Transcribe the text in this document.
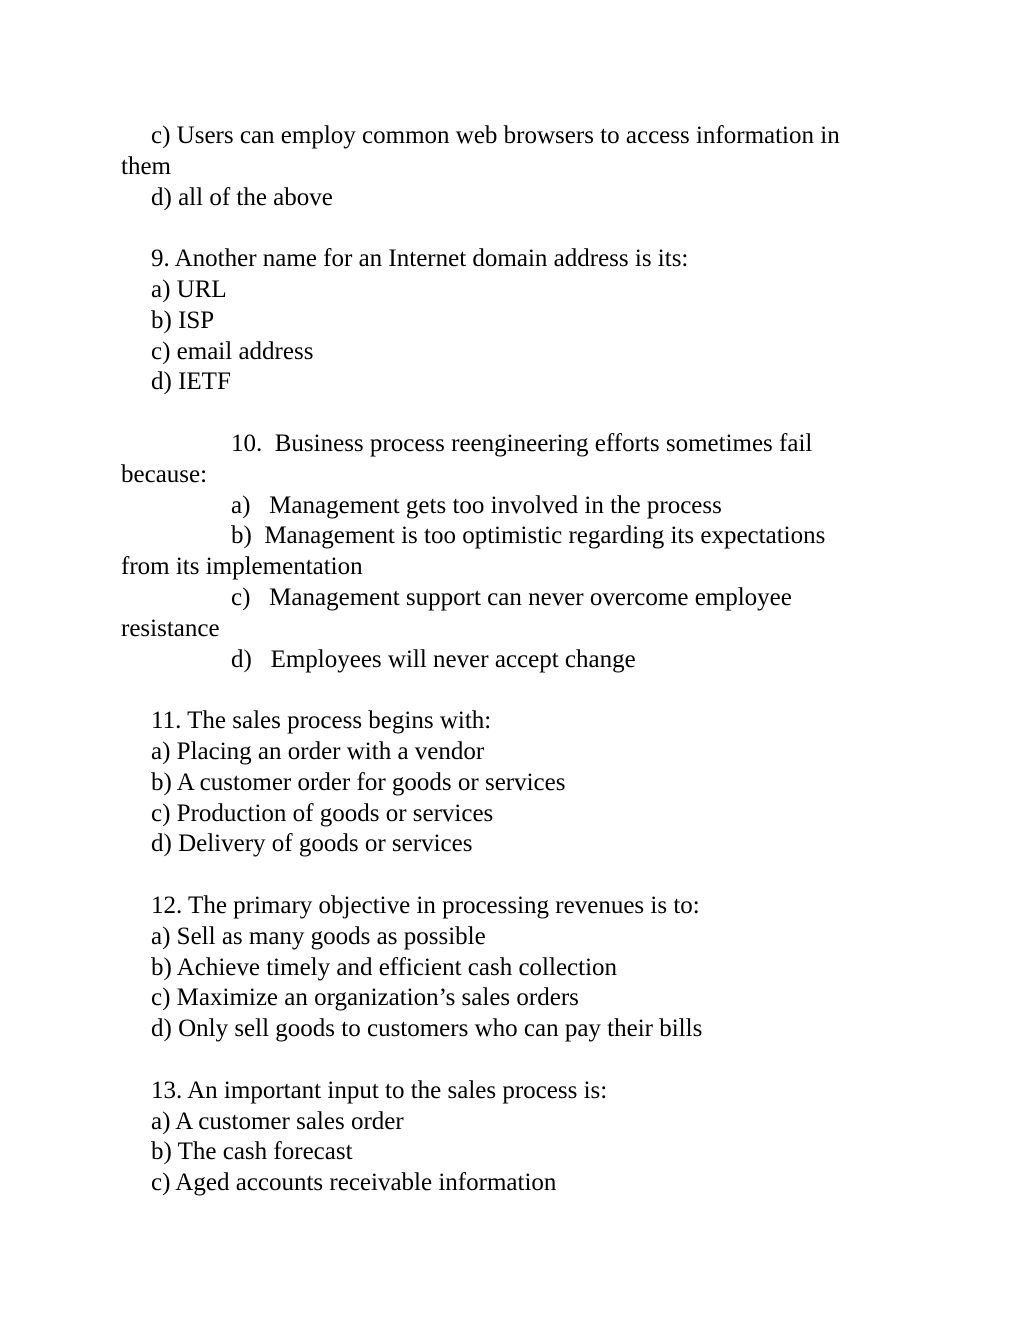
c) Users can employ common web browsers to access information in
them
d) all of the above
9. Another name for an Internet domain address is its:
a) URL
b) ISP
c) email address
d) IETF
10.  Business process reengineering efforts sometimes fail
because:
a)   Management gets too involved in the process
b)  Management is too optimistic regarding its expectations
from its implementation
c)   Management support can never overcome employee
resistance
d)   Employees will never accept change
11. The sales process begins with:
a) Placing an order with a vendor
b) A customer order for goods or services
c) Production of goods or services
d) Delivery of goods or services
12. The primary objective in processing revenues is to:
a) Sell as many goods as possible
b) Achieve timely and efficient cash collection
c) Maximize an organization’s sales orders
d) Only sell goods to customers who can pay their bills
13. An important input to the sales process is:
a) A customer sales order
b) The cash forecast
c) Aged accounts receivable information
